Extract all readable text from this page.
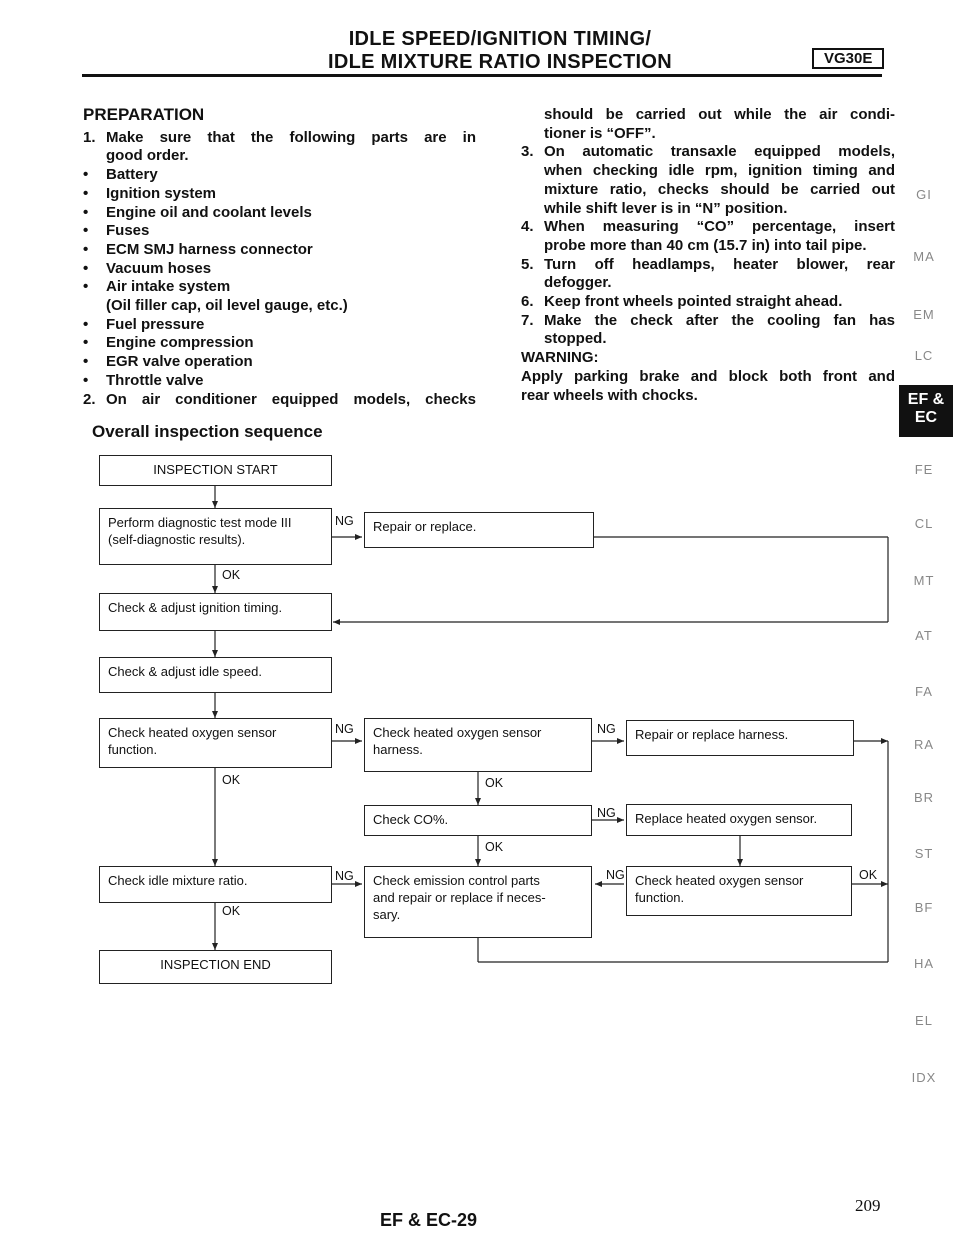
IDLE SPEED/IGNITION TIMING/
IDLE MIXTURE RATIO INSPECTION	VG30E
PREPARATION
1. Make sure that the following parts are in
good order.
• Battery
• Ignition system
• Engine oil and coolant levels
• Fuses
• ECM SMJ harness connector
• Vacuum hoses
• Air intake system
(Oil filler cap, oil level gauge, etc.)
• Fuel pressure
• Engine compression
• EGR valve operation
• Throttle valve
2. On air conditioner equipped models, checks
should be carried out while the air condi-
tioner is “OFF”.
3. On automatic transaxle equipped models,
when checking idle rpm, ignition timing and
mixture ratio, checks should be carried out
while shift lever is in “N” position.
4. When measuring “CO” percentage, insert
probe more than 40 cm (15.7 in) into tail pipe.
5. Turn off headlamps, heater blower, rear
defogger.
6. Keep front wheels pointed straight ahead.
7. Make the check after the cooling fan has
stopped.
WARNING:
Apply parking brake and block both front and
rear wheels with chocks.
Overall inspection sequence
INSPECTION START
Perform diagnostic test mode III
(self-diagnostic results).
NG	Repair or replace.
OK
Check & adjust ignition timing.
Check & adjust idle speed.
Check heated oxygen sensor
function.
NG
OK
Check heated oxygen sensor
harness.
NG	Repair or replace harness.
OK
Check CO%.	NG	Replace heated oxygen sensor.
OK
Check idle mixture ratio.	NG
OK
Check emission control parts
and repair or replace if neces-
sary.
NG Check heated oxygen sensor
function.
OK
INSPECTION END
GI
MA
EM
LC
EF &
EC
FE
CL
MT
AT
FA
RA
BR
ST
BF
HA
EL
IDX
209
EF & EC-29
